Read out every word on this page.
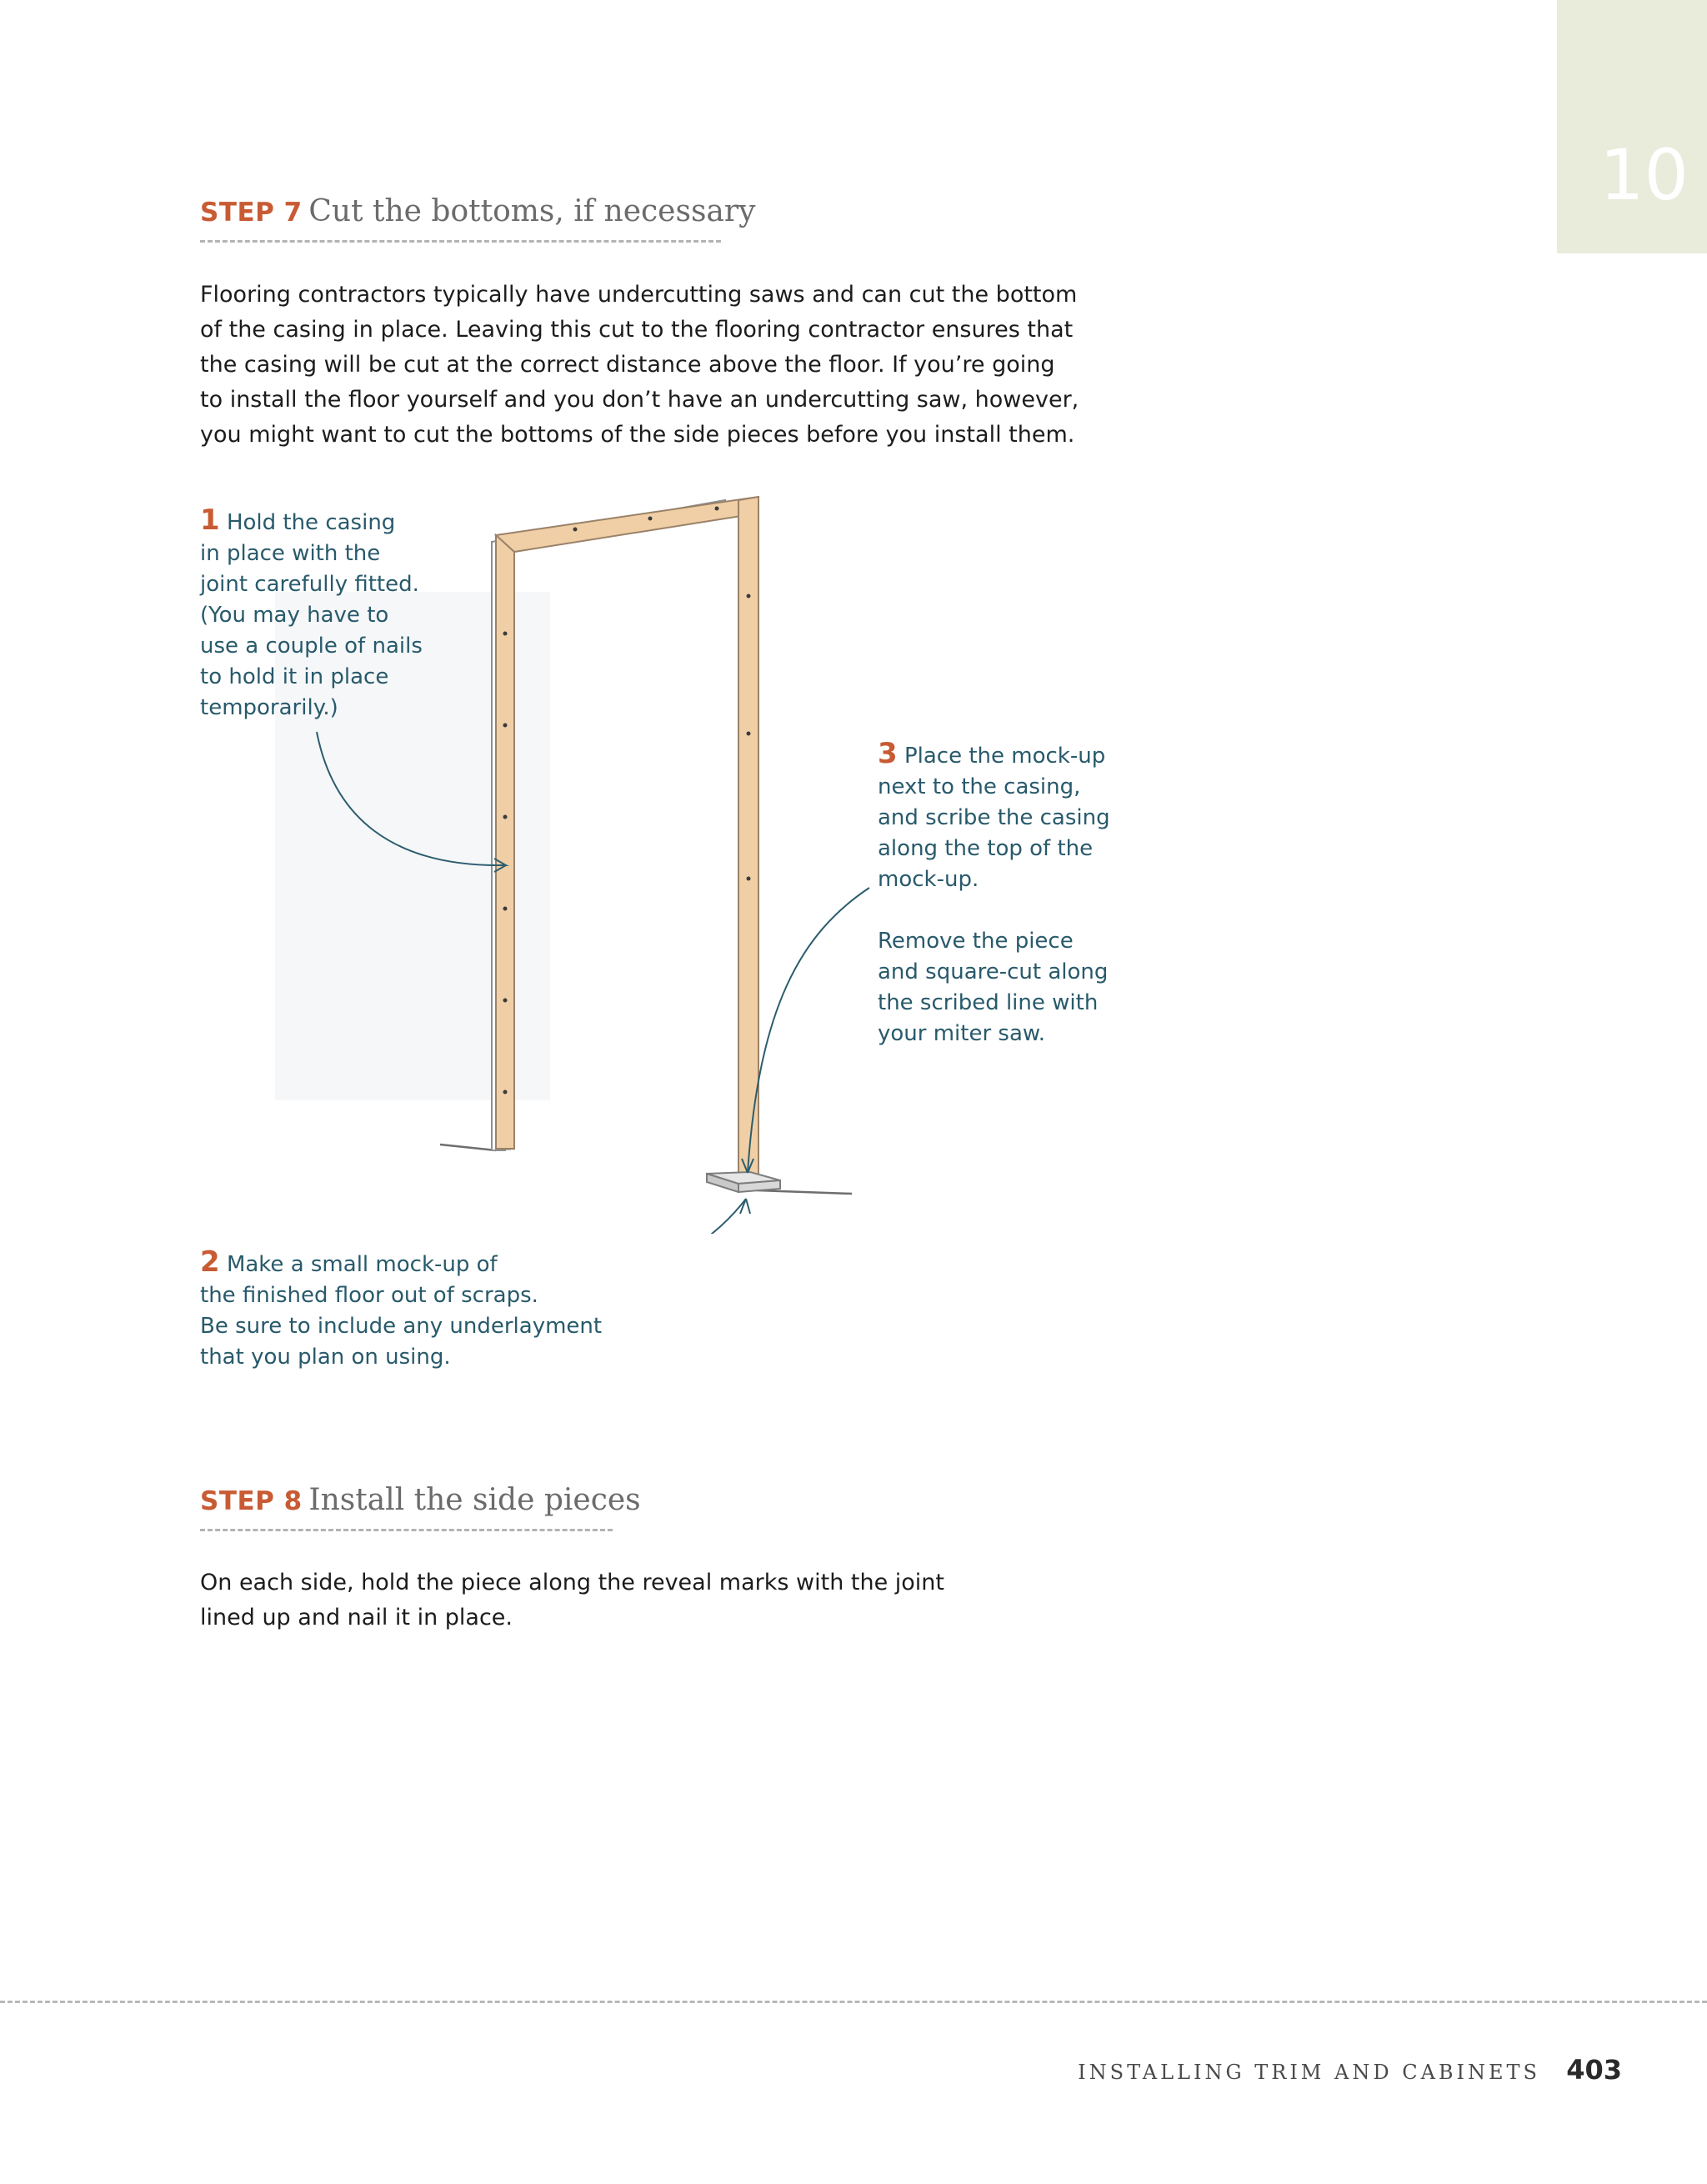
10
STEP 7 Cut the bottoms, if necessary

Flooring contractors typically have undercutting saws and can cut the bottom
of the casing in place. Leaving this cut to the flooring contractor ensures that
the casing will be cut at the correct distance above the floor. If you’re going
to install the floor yourself and you don’t have an undercutting saw, however,
you might want to cut the bottoms of the side pieces before you install them.

1 Hold the casing
in place with the
joint carefully fitted.
(You may have to
use a couple of nails
to hold it in place
temporarily.)

3 Place the mock-up
next to the casing,
and scribe the casing
along the top of the
mock-up.

Remove the piece
and square-cut along
the scribed line with
your miter saw.

2 Make a small mock-up of
the finished floor out of scraps.
Be sure to include any underlayment
that you plan on using.

STEP 8 Install the side pieces

On each side, hold the piece along the reveal marks with the joint
lined up and nail it in place.

INSTALLING TRIM AND CABINETS 403
